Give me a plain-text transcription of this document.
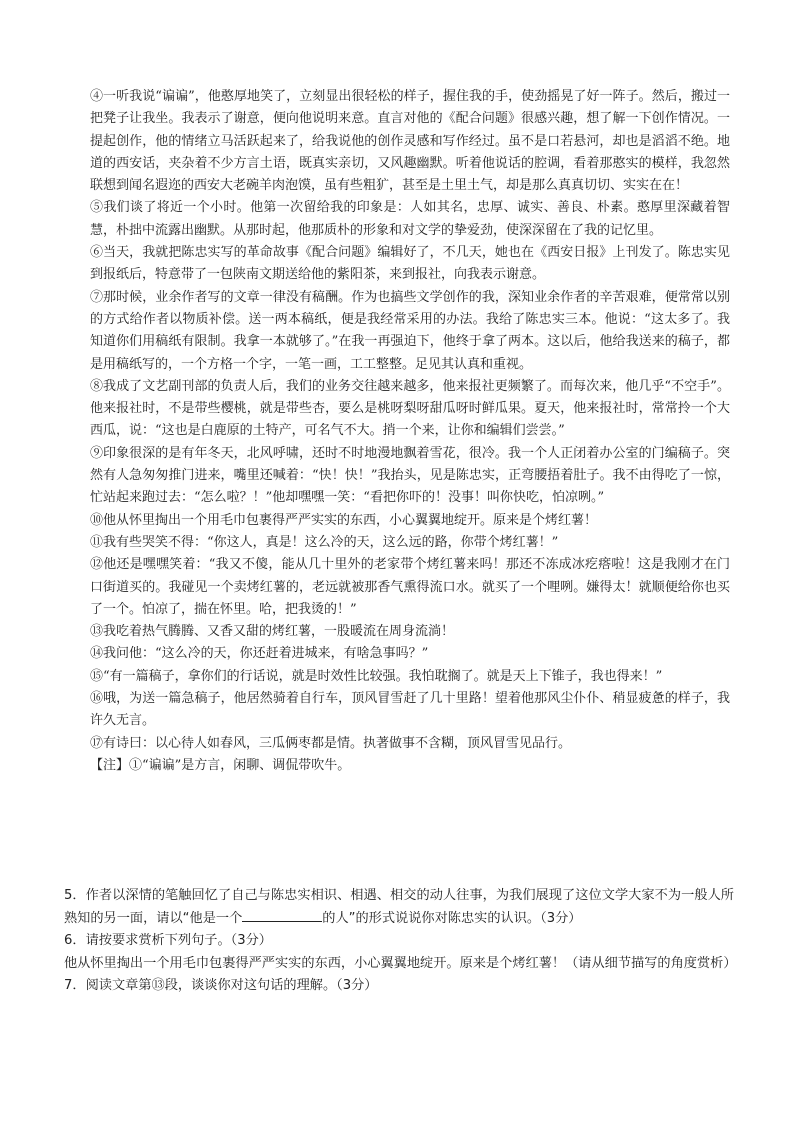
④一听我说“谝谝”，他憨厚地笑了，立刻显出很轻松的样子，握住我的手，使劲摇晃了好一阵子。然后，搬过一把凳子让我坐。我表示了谢意，便向他说明来意。直言对他的《配合问题》很感兴趣，想了解一下创作情况。一提起创作，他的情绪立马活跃起来了，给我说他的创作灵感和写作经过。虽不是口若悬河，却也是滔滔不绝。地道的西安话，夹杂着不少方言土语，既真实亲切，又风趣幽默。听着他说话的腔调，看着那憨实的模样，我忽然联想到闻名遐迩的西安大老碗羊肉泡馍，虽有些粗犷，甚至是土里土气，却是那么真真切切、实实在在！

⑤我们谈了将近一个小时。他第一次留给我的印象是：人如其名，忠厚、诚实、善良、朴素。憨厚里深藏着智慧，朴拙中流露出幽默。从那时起，他那质朴的形象和对文学的挚爱劲，使深深留在了我的记忆里。

⑥当天，我就把陈忠实写的革命故事《配合问题》编辑好了，不几天，她也在《西安日报》上刊发了。陈忠实见到报纸后，特意带了一包陕南文期送给他的紫阳茶，来到报社，向我表示谢意。

⑦那时候，业余作者写的文章一律没有稿酬。作为也搞些文学创作的我，深知业余作者的辛苦艰难，便常常以别的方式给作者以物质补偿。送一两本稿纸，便是我经常采用的办法。我给了陈忠实三本。他说：“这太多了。我知道你们用稿纸有限制。我拿一本就够了。”在我一再强迫下，他终于拿了两本。这以后，他给我送来的稿子，都是用稿纸写的，一个方格一个字，一笔一画，工工整整。足见其认真和重视。

⑧我成了文艺副刊部的负责人后，我们的业务交往越来越多，他来报社更频繁了。而每次来，他几乎“不空手”。他来报社时，不是带些樱桃，就是带些杏，要么是桃呀梨呀甜瓜呀时鲜瓜果。夏天，他来报社时，常常拎一个大西瓜，说：“这也是白鹿原的土特产，可名气不大。捎一个来，让你和编辑们尝尝。”

⑨印象很深的是有年冬天，北风呼啸，还时不时地漫地飘着雪花，很冷。我一个人正闭着办公室的门编稿子。突然有人急匆匆推门进来，嘴里还喊着：“快！快！”我抬头，见是陈忠实，正弯腰捂着肚子。我不由得吃了一惊，忙站起来跑过去：“怎么啦？！”他却嘿嘿一笑：“看把你吓的！没事！叫你快吃，怕凉咧。”

⑩他从怀里掏出一个用毛巾包裹得严严实实的东西，小心翼翼地绽开。原来是个烤红薯！

⑪我有些哭笑不得：“你这人，真是！这么冷的天，这么远的路，你带个烤红薯！”

⑫他还是嘿嘿笑着：“我又不傻，能从几十里外的老家带个烤红薯来吗！那还不冻成冰疙瘩啦！这是我刚才在门口街道买的。我碰见一个卖烤红薯的，老远就被那香气熏得流口水。就买了一个哩咧。嫌得太！就顺便给你也买了一个。怕凉了，揣在怀里。哈，把我烫的！”

⑬我吃着热气腾腾、又香又甜的烤红薯，一股暖流在周身流淌！

⑭我问他：“这么冷的天，你还赶着进城来，有啥急事吗？”

⑮“有一篇稿子，拿你们的行话说，就是时效性比较强。我怕耽搁了。就是天上下锥子，我也得来！”

⑯哦，为送一篇急稿子，他居然骑着自行车，顶风冒雪赶了几十里路！望着他那风尘仆仆、稍显疲惫的样子，我许久无言。

⑰有诗曰：以心待人如春风，三瓜俩枣都是情。执著做事不含糊，顶风冒雪见品行。

【注】①“谝谝”是方言，闲聊、调侃带吹牛。

5．作者以深情的笔触回忆了自己与陈忠实相识、相遇、相交的动人往事，为我们展现了这位文学大家不为一般人所熟知的另一面，请以“他是一个	的人”的形式说说你对陈忠实的认识。（3分）

6．请按要求赏析下列句子。（3分）

他从怀里掏出一个用毛巾包裹得严严实实的东西，小心翼翼地绽开。原来是个烤红薯！（请从细节描写的角度赏析）

7．阅读文章第⑬段，谈谈你对这句话的理解。（3分）
